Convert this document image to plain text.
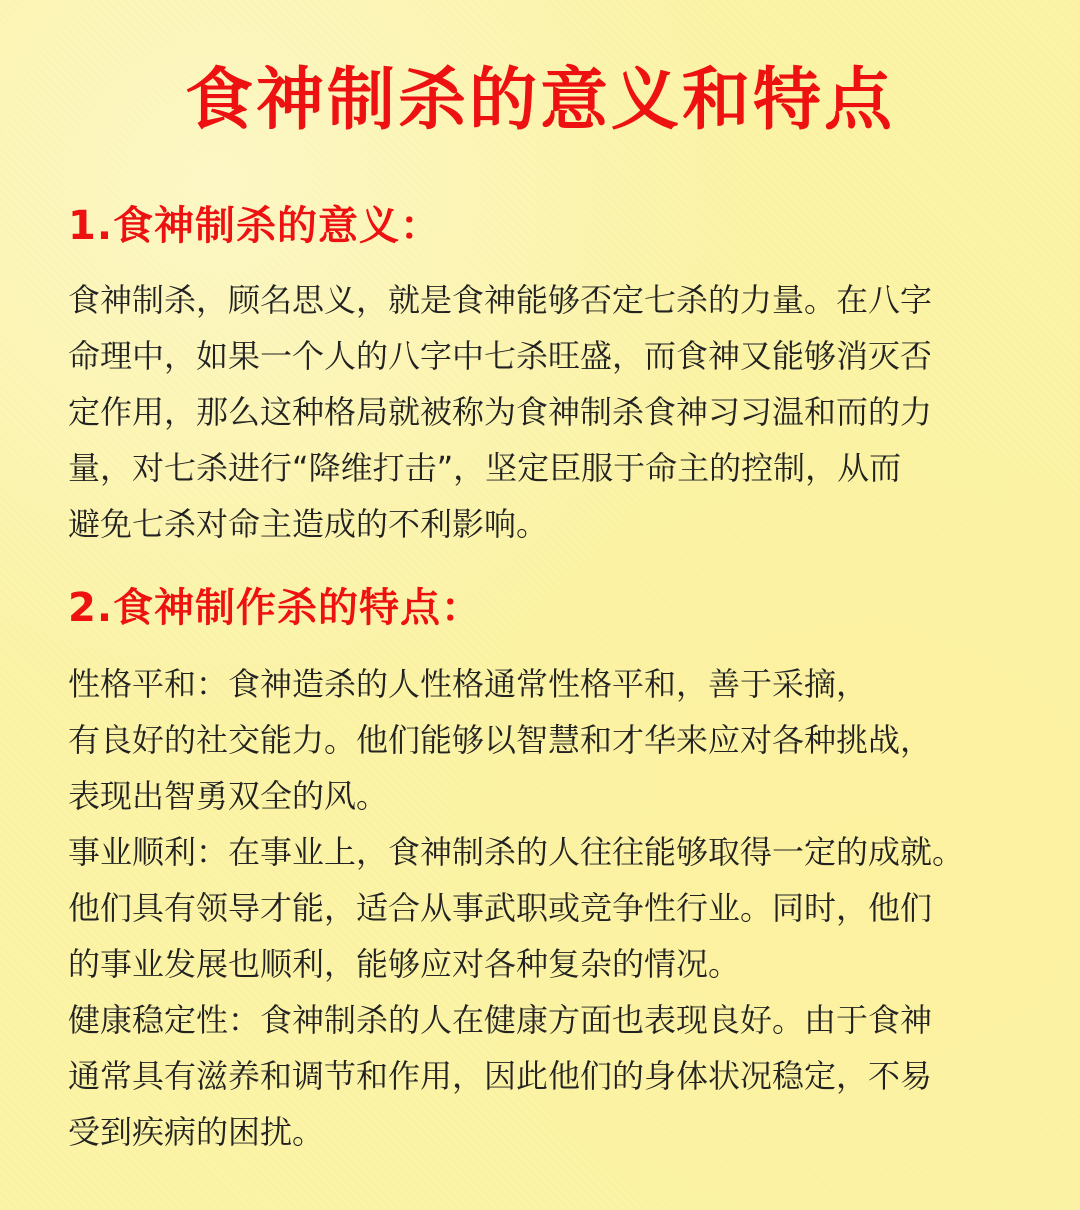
食神制杀的意义和特点
1.食神制杀的意义：
食神制杀，顾名思义，就是食神能够否定七杀的力量。在八字
命理中，如果一个人的八字中七杀旺盛，而食神又能够消灭否
定作用，那么这种格局就被称为食神制杀食神习习温和而的力
量，对七杀进行“降维打击”，坚定臣服于命主的控制，从而
避免七杀对命主造成的不利影响。
2.食神制作杀的特点：
性格平和：食神造杀的人性格通常性格平和，善于采摘，
有良好的社交能力。他们能够以智慧和才华来应对各种挑战，
表现出智勇双全的风。
事业顺利：在事业上，食神制杀的人往往能够取得一定的成就。
他们具有领导才能，适合从事武职或竞争性行业。同时，他们
的事业发展也顺利，能够应对各种复杂的情况。
健康稳定性：食神制杀的人在健康方面也表现良好。由于食神
通常具有滋养和调节和作用，因此他们的身体状况稳定，不易
受到疾病的困扰。
